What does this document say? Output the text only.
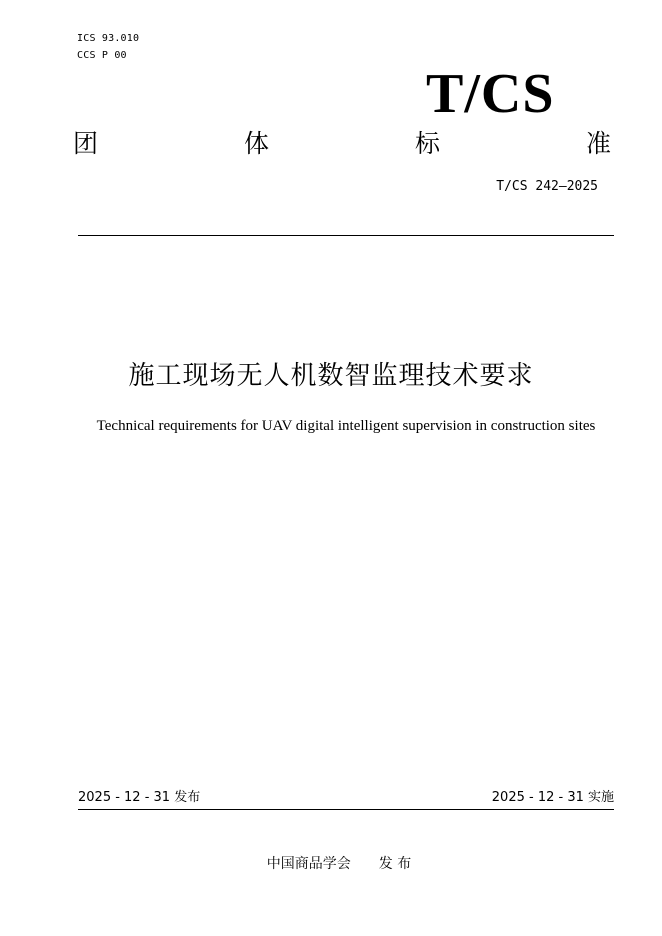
ICS 93.010
CCS P 00
T/CS
团	体	标	准
T/CS 242—2025
施工现场无人机数智监理技术要求
Technical requirements for UAV digital intelligent supervision in construction sites
2025 - 12 - 31 发布	2025 - 12 - 31 实施
中国商品学会　　发 布
